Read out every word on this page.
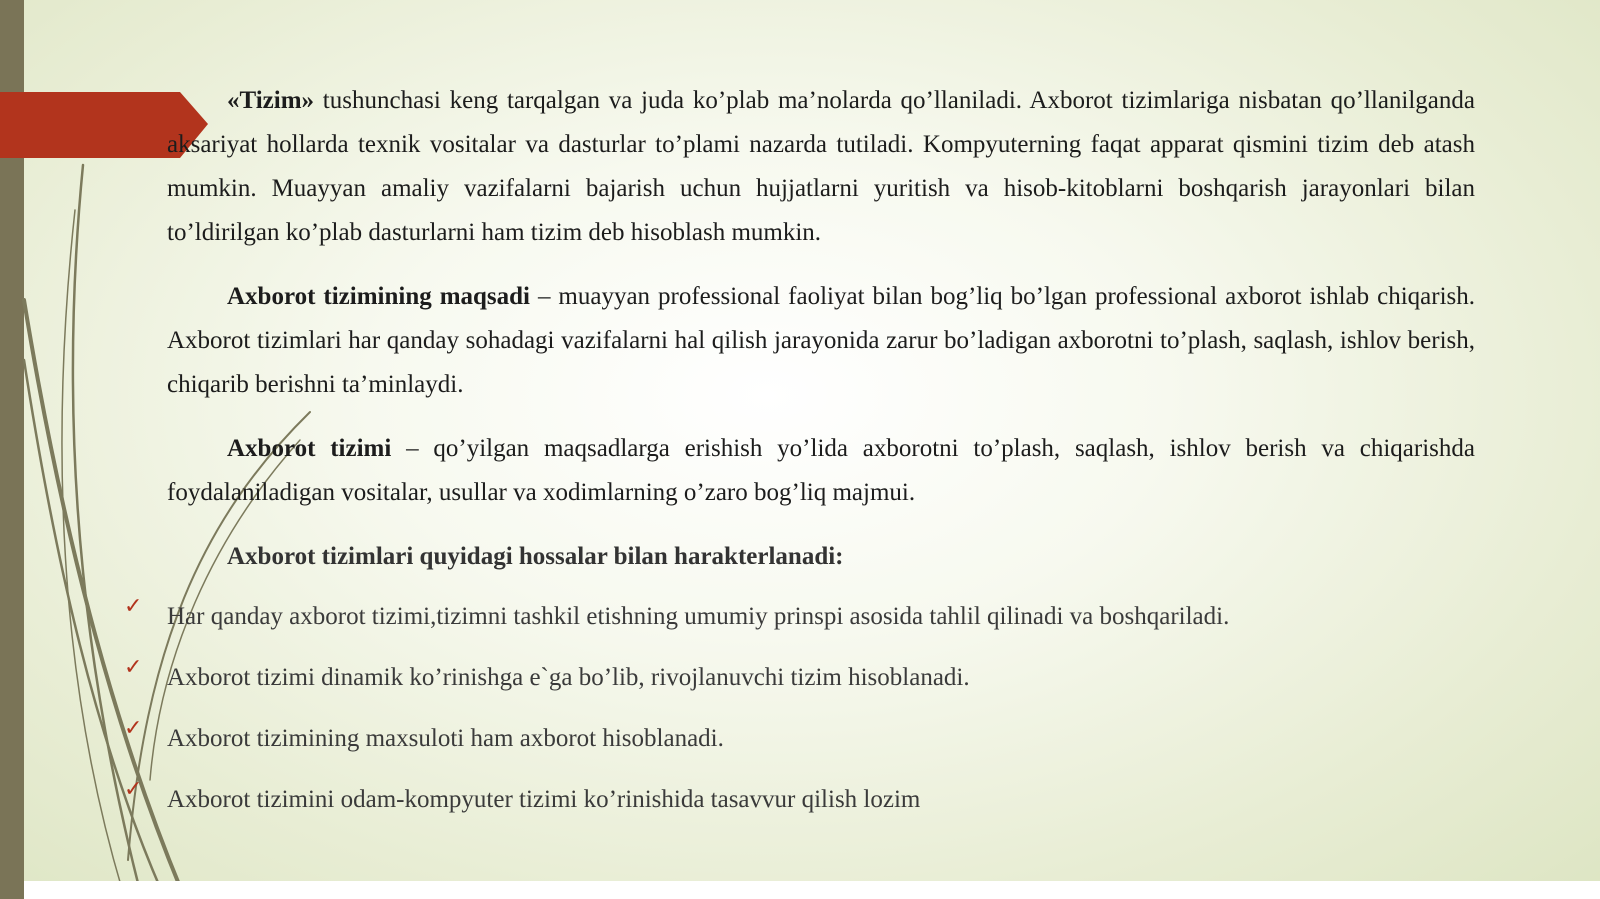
«Tizim» tushunchasi keng tarqalgan va juda ko’plab ma’nolarda qo’llaniladi. Axborot tizimlariga nisbatan qo’llanilganda aksariyat hollarda texnik vositalar va dasturlar to’plami nazarda tutiladi. Kompyuterning faqat apparat qismini tizim deb atash mumkin. Muayyan amaliy vazifalarni bajarish uchun hujjatlarni yuritish va hisob-kitoblarni boshqarish jarayonlari bilan to’ldirilgan ko’plab dasturlarni ham tizim deb hisoblash mumkin.

Axborot tizimining maqsadi – muayyan professional faoliyat bilan bog’liq bo’lgan professional axborot ishlab chiqarish. Axborot tizimlari har qanday sohadagi vazifalarni hal qilish jarayonida zarur bo’ladigan axborotni to’plash, saqlash, ishlov berish, chiqarib berishni ta’minlaydi.

Axborot tizimi – qo’yilgan maqsadlarga erishish yo’lida axborotni to’plash, saqlash, ishlov berish va chiqarishda foydalaniladigan vositalar, usullar va xodimlarning o’zaro bog’liq majmui.

Axborot tizimlari quyidagi hossalar bilan harakterlanadi:

✓ Har qanday axborot tizimi,tizimni tashkil etishning umumiy prinspi asosida tahlil qilinadi va boshqariladi.
✓ Axborot tizimi dinamik ko’rinishga e`ga bo’lib, rivojlanuvchi tizim hisoblanadi.
✓ Axborot tizimining maxsuloti ham axborot hisoblanadi.
✓ Axborot tizimini odam-kompyuter tizimi ko’rinishida tasavvur qilish lozim
